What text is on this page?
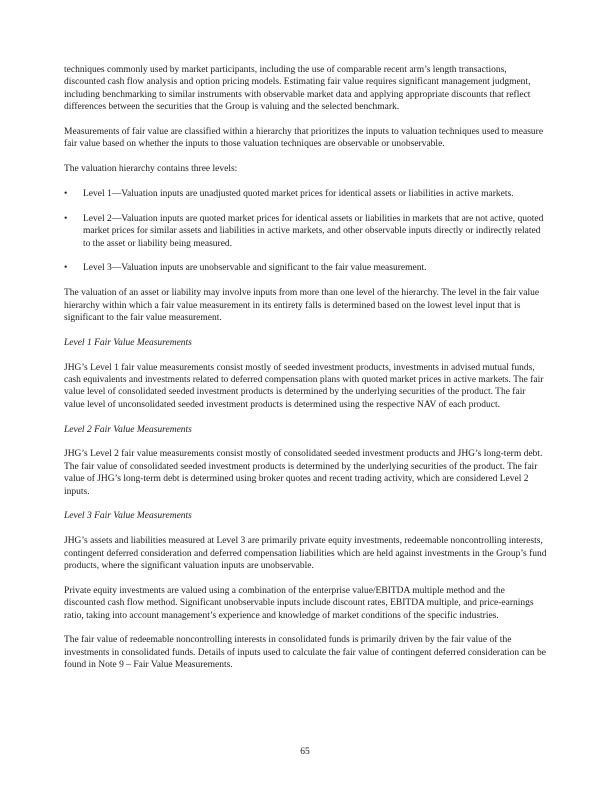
techniques commonly used by market participants, including the use of comparable recent arm’s length transactions, discounted cash flow analysis and option pricing models. Estimating fair value requires significant management judgment, including benchmarking to similar instruments with observable market data and applying appropriate discounts that reflect differences between the securities that the Group is valuing and the selected benchmark.

Measurements of fair value are classified within a hierarchy that prioritizes the inputs to valuation techniques used to measure fair value based on whether the inputs to those valuation techniques are observable or unobservable.

The valuation hierarchy contains three levels:

• Level 1—Valuation inputs are unadjusted quoted market prices for identical assets or liabilities in active markets.
• Level 2—Valuation inputs are quoted market prices for identical assets or liabilities in markets that are not active, quoted market prices for similar assets and liabilities in active markets, and other observable inputs directly or indirectly related to the asset or liability being measured.
• Level 3—Valuation inputs are unobservable and significant to the fair value measurement.

The valuation of an asset or liability may involve inputs from more than one level of the hierarchy. The level in the fair value hierarchy within which a fair value measurement in its entirety falls is determined based on the lowest level input that is significant to the fair value measurement.

Level 1 Fair Value Measurements

JHG’s Level 1 fair value measurements consist mostly of seeded investment products, investments in advised mutual funds, cash equivalents and investments related to deferred compensation plans with quoted market prices in active markets. The fair value level of consolidated seeded investment products is determined by the underlying securities of the product. The fair value level of unconsolidated seeded investment products is determined using the respective NAV of each product.

Level 2 Fair Value Measurements

JHG’s Level 2 fair value measurements consist mostly of consolidated seeded investment products and JHG’s long-term debt. The fair value of consolidated seeded investment products is determined by the underlying securities of the product. The fair value of JHG’s long-term debt is determined using broker quotes and recent trading activity, which are considered Level 2 inputs.

Level 3 Fair Value Measurements

JHG’s assets and liabilities measured at Level 3 are primarily private equity investments, redeemable noncontrolling interests, contingent deferred consideration and deferred compensation liabilities which are held against investments in the Group’s fund products, where the significant valuation inputs are unobservable.

Private equity investments are valued using a combination of the enterprise value/EBITDA multiple method and the discounted cash flow method. Significant unobservable inputs include discount rates, EBITDA multiple, and price-earnings ratio, taking into account management’s experience and knowledge of market conditions of the specific industries.

The fair value of redeemable noncontrolling interests in consolidated funds is primarily driven by the fair value of the investments in consolidated funds. Details of inputs used to calculate the fair value of contingent deferred consideration can be found in Note 9 – Fair Value Measurements.

65
